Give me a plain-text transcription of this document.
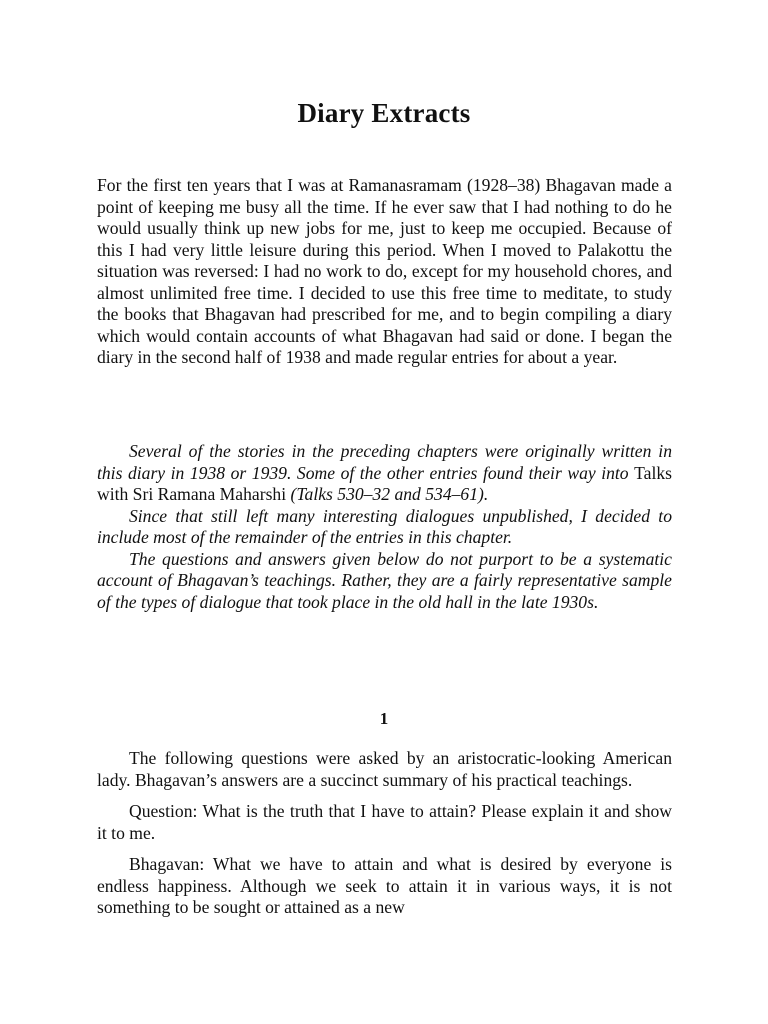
Diary Extracts

For the first ten years that I was at Ramanasramam (1928–38) Bhagavan made a point of keeping me busy all the time. If he ever saw that I had nothing to do he would usually think up new jobs for me, just to keep me occupied. Because of this I had very little leisure during this period. When I moved to Palakottu the situation was reversed: I had no work to do, except for my household chores, and almost unlimited free time. I decided to use this free time to meditate, to study the books that Bhagavan had prescribed for me, and to begin compiling a diary which would contain accounts of what Bhagavan had said or done. I began the diary in the second half of 1938 and made regular entries for about a year.

Several of the stories in the preceding chapters were originally written in this diary in 1938 or 1939. Some of the other entries found their way into Talks with Sri Ramana Maharshi (Talks 530–32 and 534–61).

Since that still left many interesting dialogues unpublished, I decided to include most of the remainder of the entries in this chapter.

The questions and answers given below do not purport to be a systematic account of Bhagavan’s teachings. Rather, they are a fairly representative sample of the types of dialogue that took place in the old hall in the late 1930s.

1

The following questions were asked by an aristocratic-looking American lady. Bhagavan’s answers are a succinct summary of his practical teachings.

Question: What is the truth that I have to attain? Please explain it and show it to me.

Bhagavan: What we have to attain and what is desired by everyone is endless happiness. Although we seek to attain it in various ways, it is not something to be sought or attained as a new
